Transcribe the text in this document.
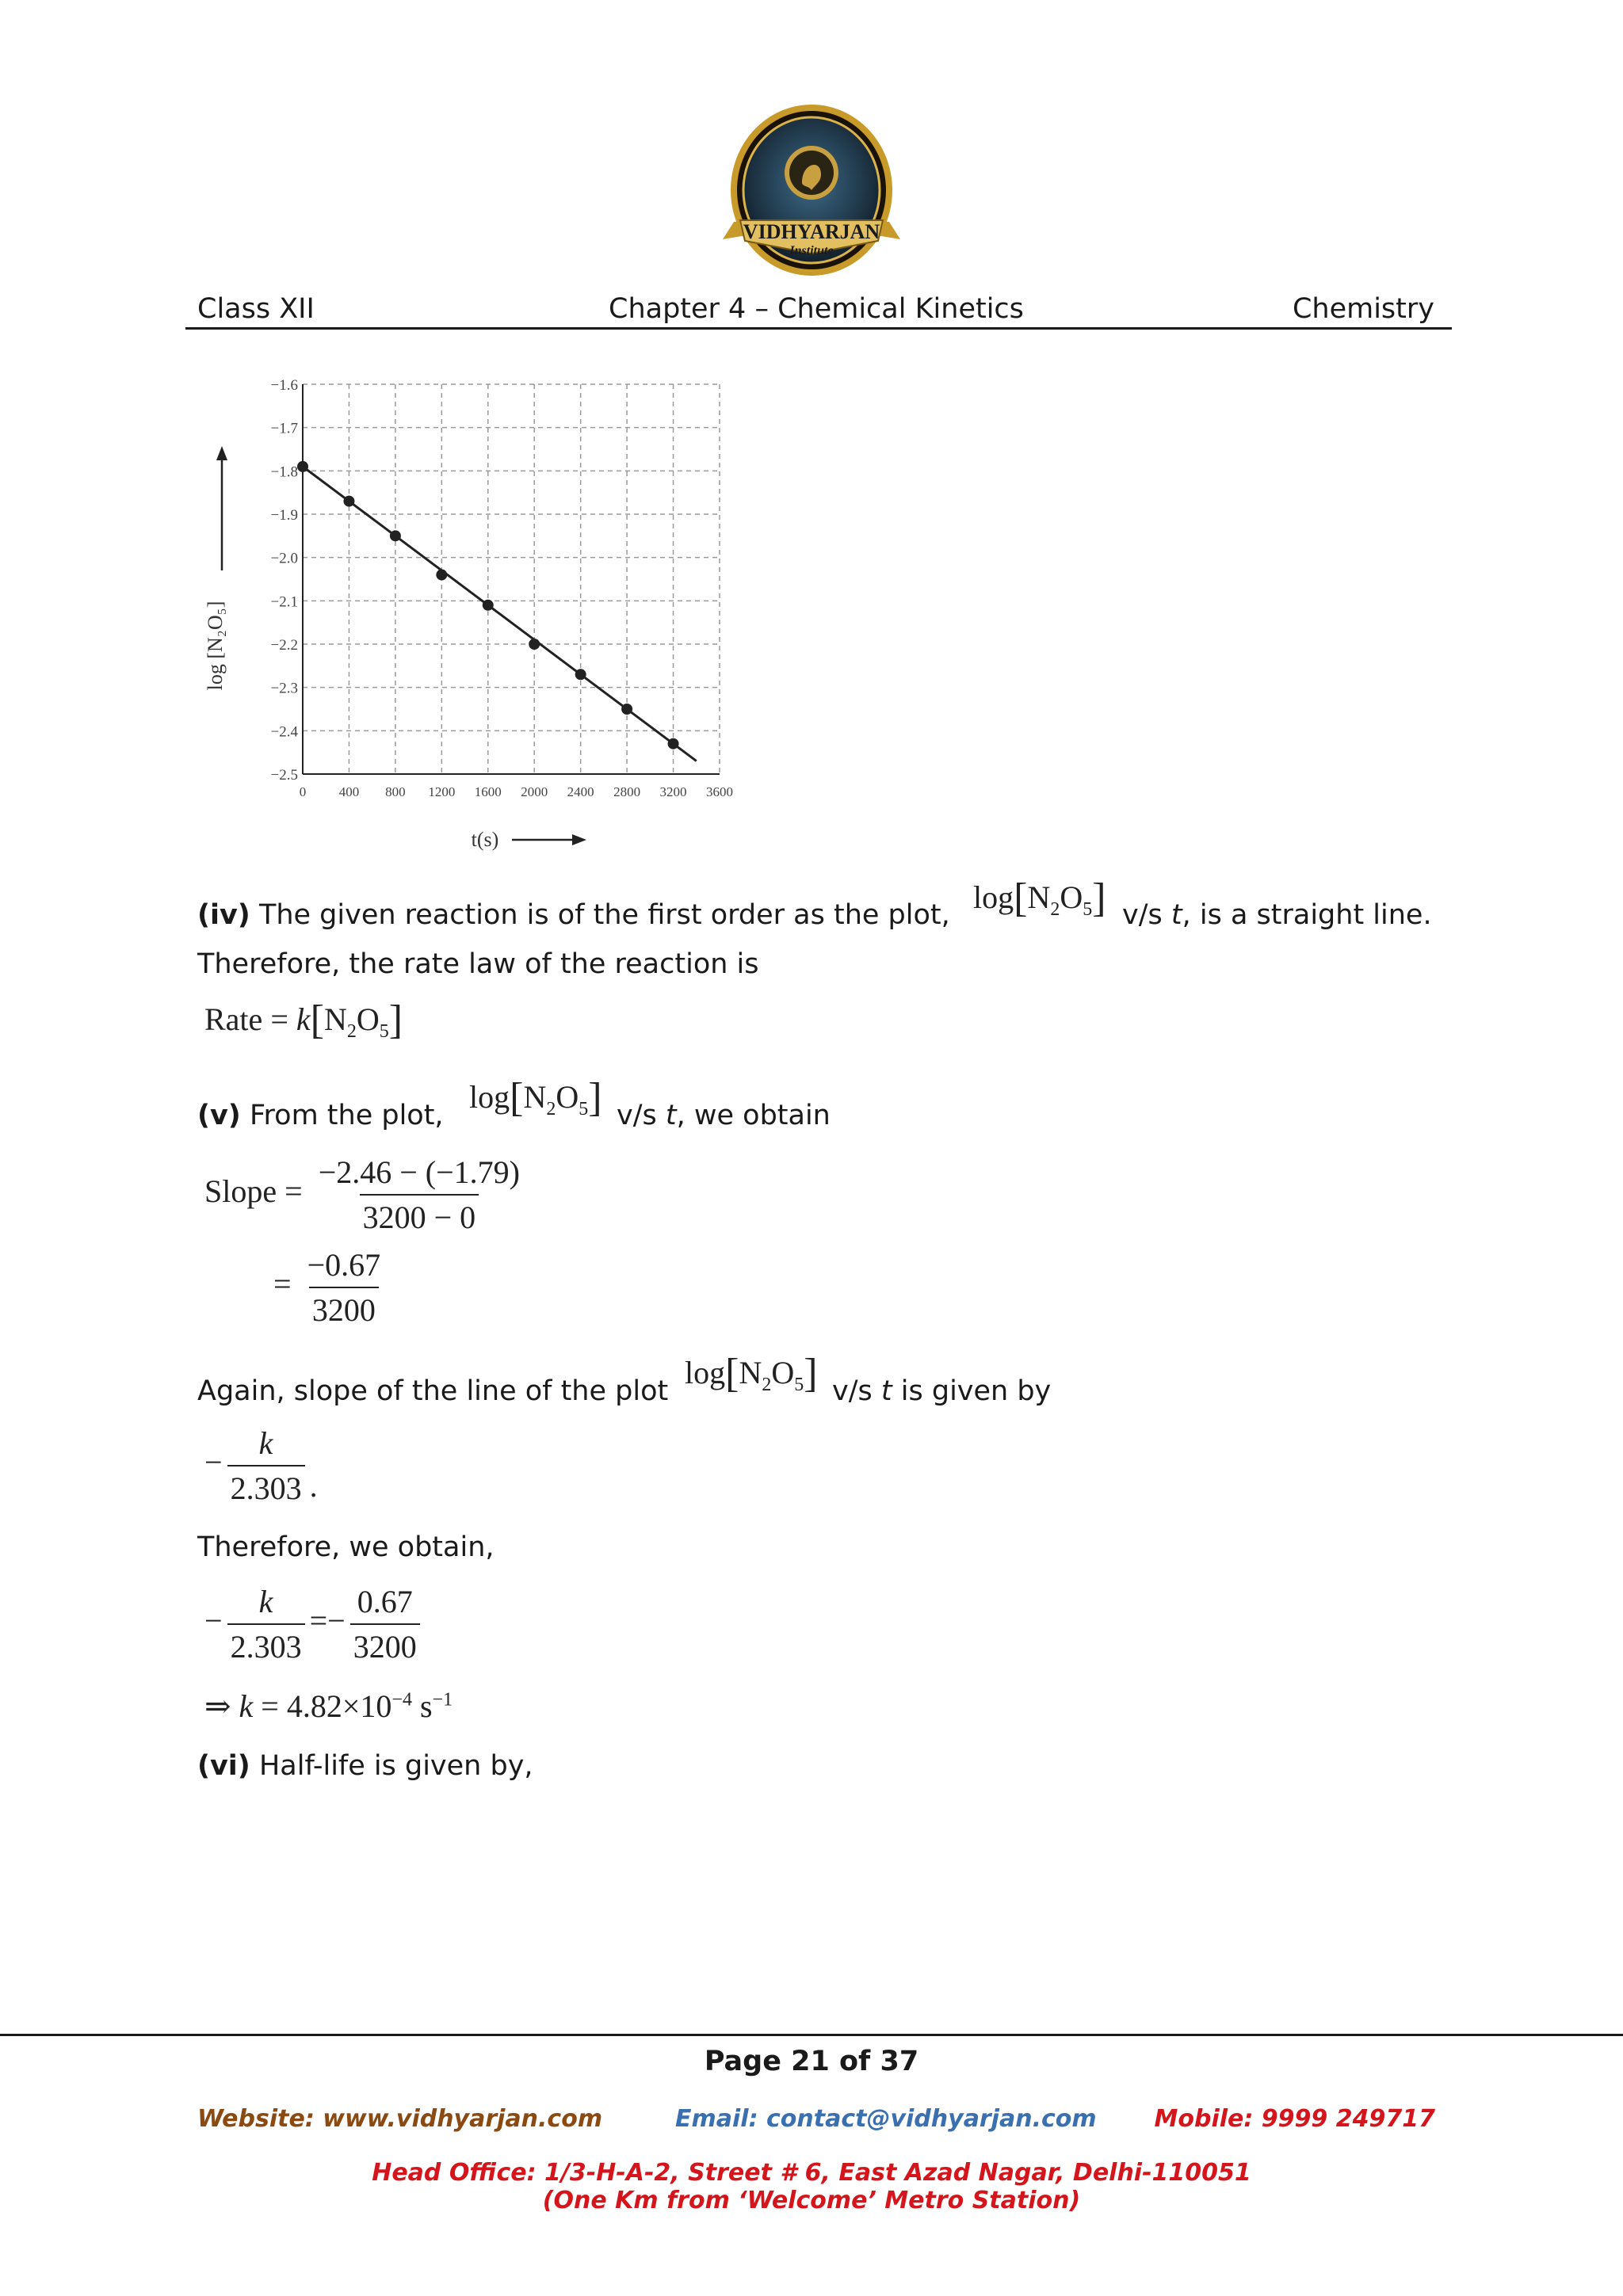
VIDHYARJAN
Institute
Class XII	Chapter 4 – Chemical Kinetics	Chemistry
−1.6
−1.7
−1.8
−1.9
−2.0
−2.1
−2.2
−2.3
−2.4
−2.5
0 400 800 1200 1600 2000 2400 2800 3200 3600
log [N₂O₅]
t(s)
(iv) The given reaction is of the first order as the plot, $\log[N_2O_5]$ v/s t, is a straight line.
Therefore, the rate law of the reaction is
Rate = $k[N_2O_5]$
(v) From the plot,
$\log[N_2O_5]$ v/s t, we obtain
Slope = $\frac{-2.46 - (-1.79)}{3200 - 0}$
= $\frac{-0.67}{3200}$
Again, slope of the line of the plot
$\log[N_2O_5]$ v/s t is given by
− $\frac{k}{2.303}$ .
Therefore, we obtain,
− $\frac{k}{2.303} =- \frac{0.67}{3200}$
⇒ $k = 4.82\times 10^{-4}$ $s^{-1}$
(vi) Half-life is given by,
Page 21 of 37
Website: www.vidhyarjan.com	Email: contact@vidhyarjan.com Mobile: 9999 249717
Head Office: 1/3-H-A-2, Street # 6, East Azad Nagar, Delhi-110051
(One Km from ‘Welcome’ Metro Station)
